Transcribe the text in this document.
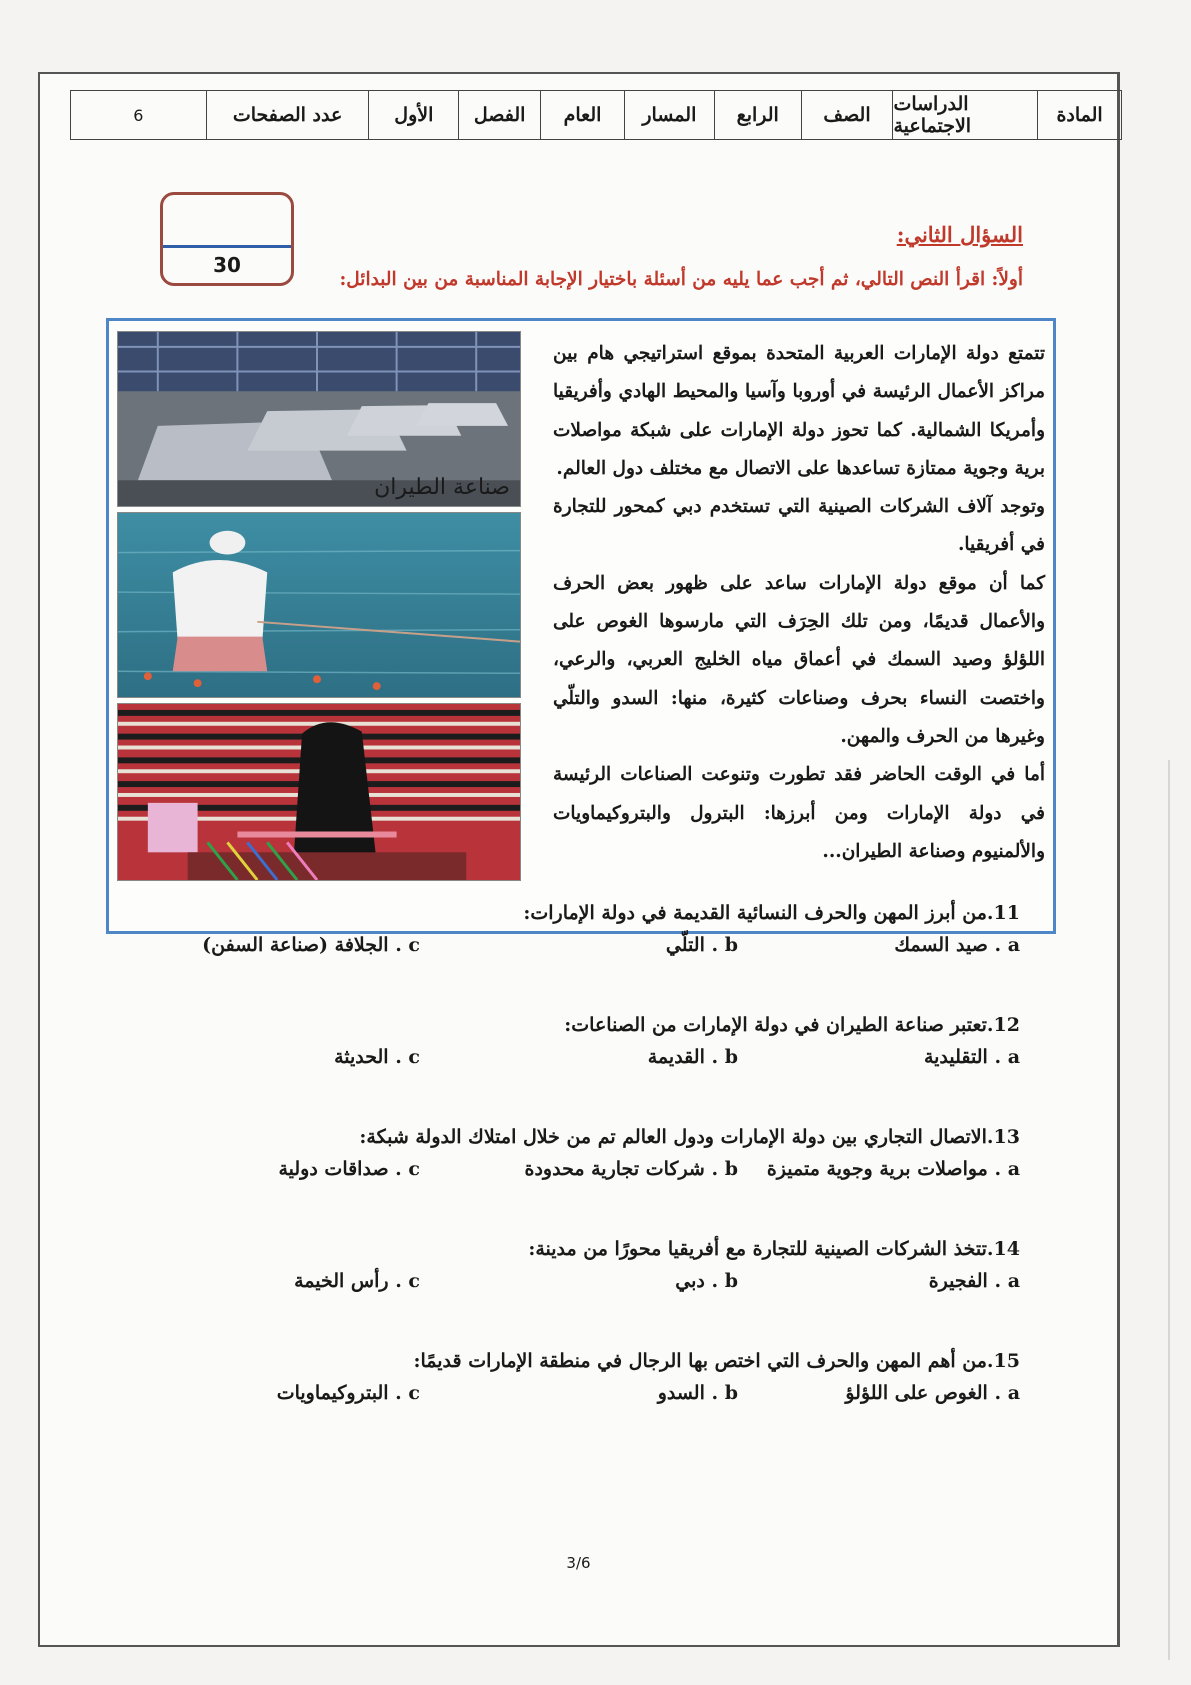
المادة
الدراسات الاجتماعية
الصف
الرابع
المسار
العام
الفصل
الأول
عدد الصفحات
6
30
السؤال الثاني:
أولاً: اقرأ النص التالي، ثم أجب عما يليه من أسئلة باختيار الإجابة المناسبة من بين البدائل:

تتمتع دولة الإمارات العربية المتحدة بموقع استراتيجي هام بين مراكز الأعمال الرئيسة في أوروبا وآسيا والمحيط الهادي وأفريقيا وأمريكا الشمالية. كما تحوز دولة الإمارات على شبكة مواصلات برية وجوية ممتازة تساعدها على الاتصال مع مختلف دول العالم.

وتوجد آلاف الشركات الصينية التي تستخدم دبي كمحور للتجارة في أفريقيا.

كما أن موقع دولة الإمارات ساعد على ظهور بعض الحرف والأعمال قديمًا، ومن تلك الحِرَف التي مارسوها الغوص على اللؤلؤ وصيد السمك في أعماق مياه الخليج العربي، والرعي، واختصت النساء بحرف وصناعات كثيرة، منها: السدو والتلّي وغيرها من الحرف والمهن.

أما في الوقت الحاضر فقد تطورت وتنوعت الصناعات الرئيسة في دولة الإمارات ومن أبرزها: البترول والبتروكيماويات والألمنيوم وصناعة الطيران...

صناعة الطيران
11.من أبرز المهن والحرف النسائية القديمة في دولة الإمارات:
a . صيد السمك
b . التلّي
c . الجلافة (صناعة السفن)
12.تعتبر صناعة الطيران في دولة الإمارات من الصناعات:
a . التقليدية
b . القديمة
c . الحديثة
13.الاتصال التجاري بين دولة الإمارات ودول العالم تم من خلال امتلاك الدولة شبكة:
a . مواصلات برية وجوية متميزة
b . شركات تجارية محدودة
c . صداقات دولية
14.تتخذ الشركات الصينية للتجارة مع أفريقيا محورًا من مدينة:
a . الفجيرة
b . دبي
c . رأس الخيمة
15.من أهم المهن والحرف التي اختص بها الرجال في منطقة الإمارات قديمًا:
a . الغوص على اللؤلؤ
b . السدو
c . البتروكيماويات
3/6
